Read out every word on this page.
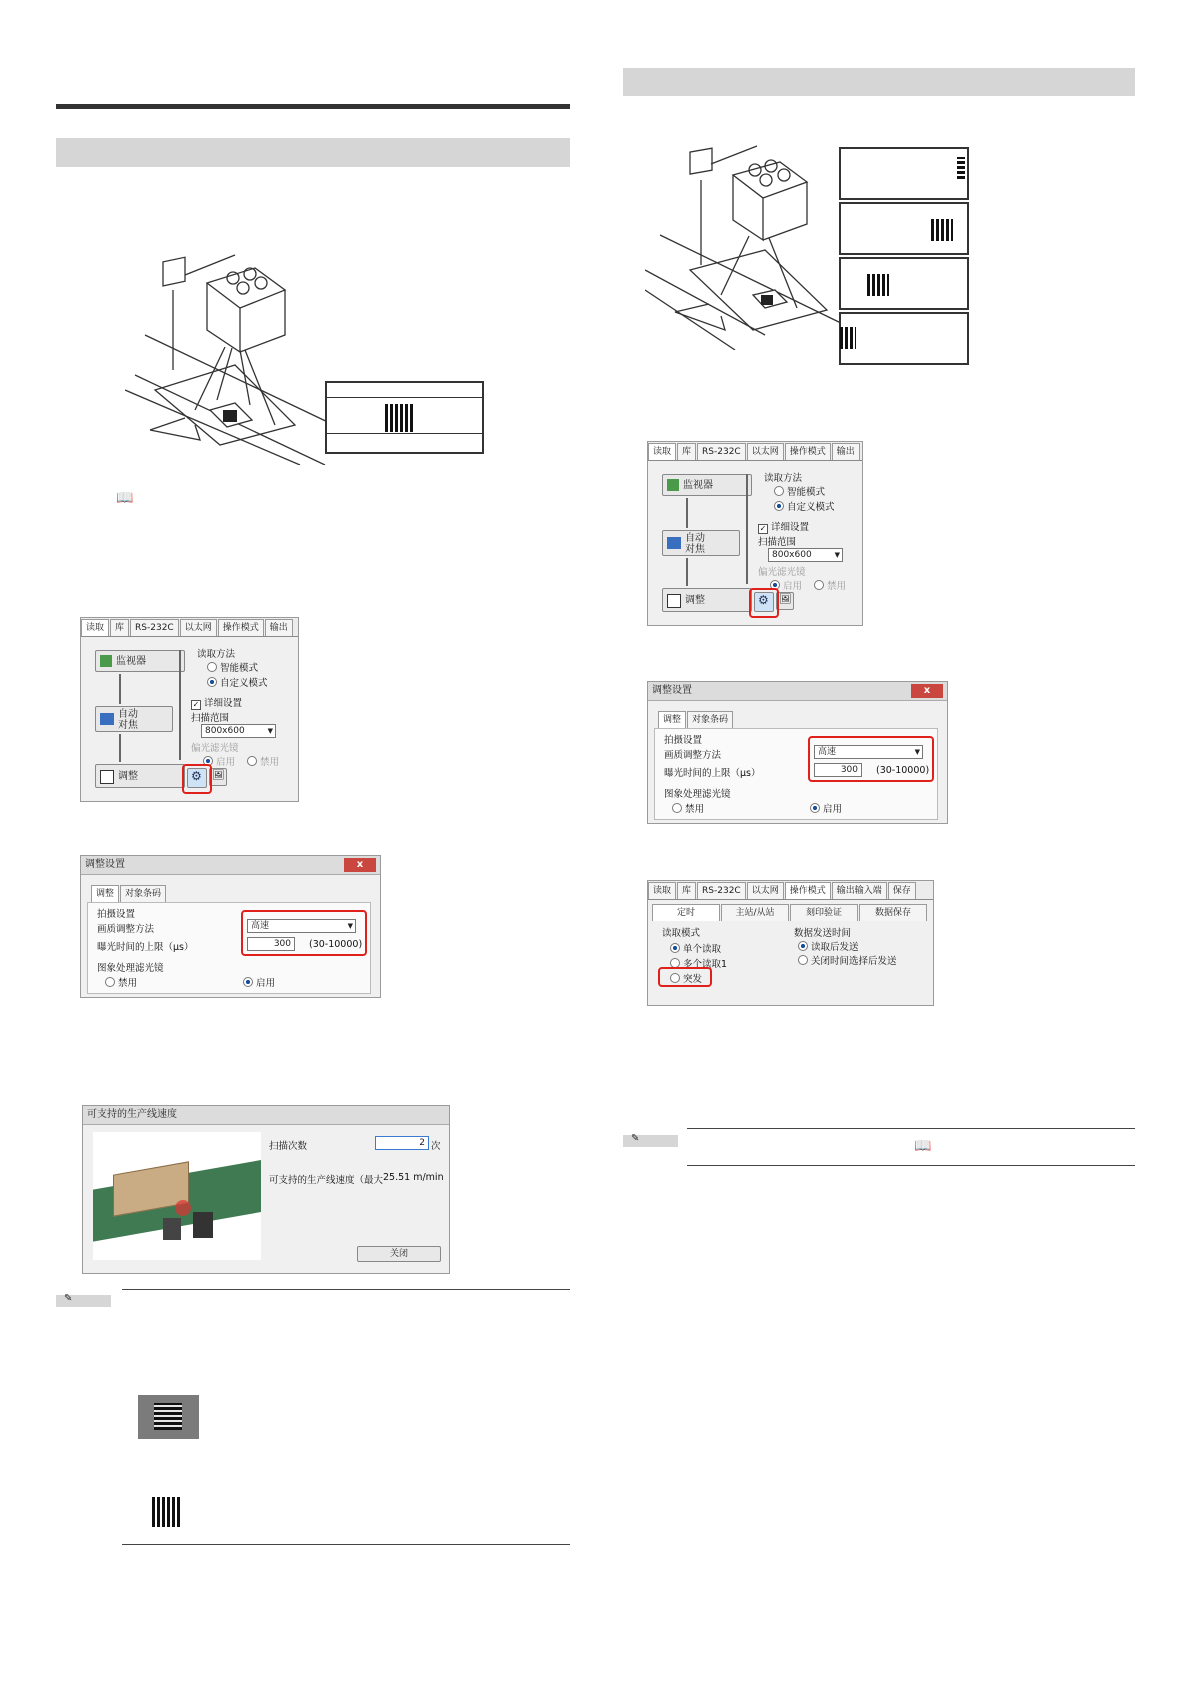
📖
读取 库 RS-232C 以太网 操作模式 输出
监视器
自动
对焦
调整
读取方法
智能模式
自定义模式
✓ 详细设置
扫描范围
800x600	▼
偏光滤光镜
启用	禁用
⚙ 🖼
调整设置	x
调整 对象条码
拍摄设置
画质调整方法	高速	▼
曝光时间的上限（μs）	300	(30-10000)
图象处理滤光镜
禁用	启用
可支持的生产线速度
扫描次数	2 次
可支持的生产线速度（最大 25.51 m/min
关闭
✎
读取 库 RS-232C 以太网 操作模式 输出
监视器
自动
对焦
调整
读取方法
智能模式
自定义模式
✓ 详细设置
扫描范围
800x600	▼
偏光滤光镜
启用	禁用
⚙ 🖼
调整设置	x
调整 对象条码
拍摄设置
画质调整方法	高速	▼
曝光时间的上限（μs）	300	(30-10000)
图象处理滤光镜
禁用	启用
读取 库 RS-232C 以太网 操作模式 输出输入端 保存
定时	主站/从站	刻印验证	数据保存
读取模式
单个读取
多个读取1
突发
数据发送时间
读取后发送
关闭时间选择后发送
✎	📖
